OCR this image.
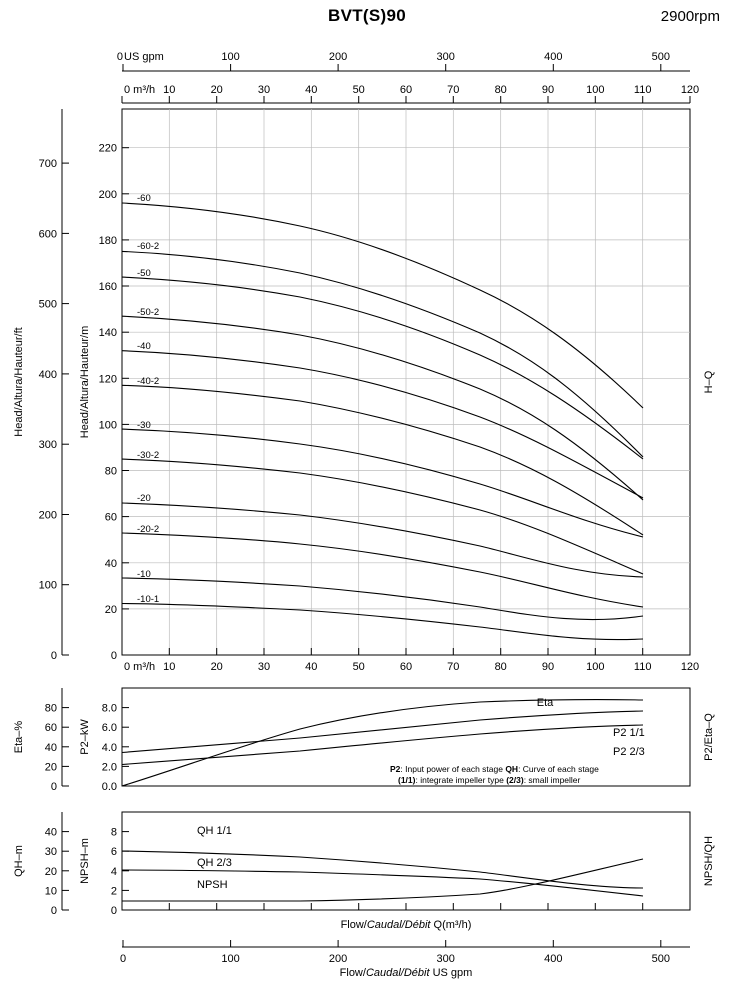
BVT(S)90	2900rpm
US gpm
0	100	200	300	400	500
0 m³/h 10	20	30	40	50	60	70	80	90	100	110	120
0
100
200
300
400
500
600
700
0
20
40
60
80
100
120
140
160
180
200
220
Head/Altura/Hauteur/ft	Head/Altura/Hauteur/m
Eta–%	P2–kW
QH–m	NPSH–m
H–Q
P2/Eta–Q
NPSH/QH
0 m³/h 10	20	30	40	50	60	70	80	90	100	110	120
-60
-60-2
-50
-50-2
-40
-40-2
-30
-30-2
-20
-20-2
-10
-10-1
0
20
40
60
80
0.0
2.0
4.0
6.0
8.0
0
10
20
30
40
0
2
4
6
8
Eta
P2 1/1
P2 2/3
QH 1/1
QH 2/3
NPSH
P2: Input power of each stage QH: Curve of each stage
(1/1): integrate impeller type (2/3): small impeller
Flow/Caudal/Débit Q(m³/h)
Flow/Caudal/Débit US gpm
0	100	200	300	400	500
